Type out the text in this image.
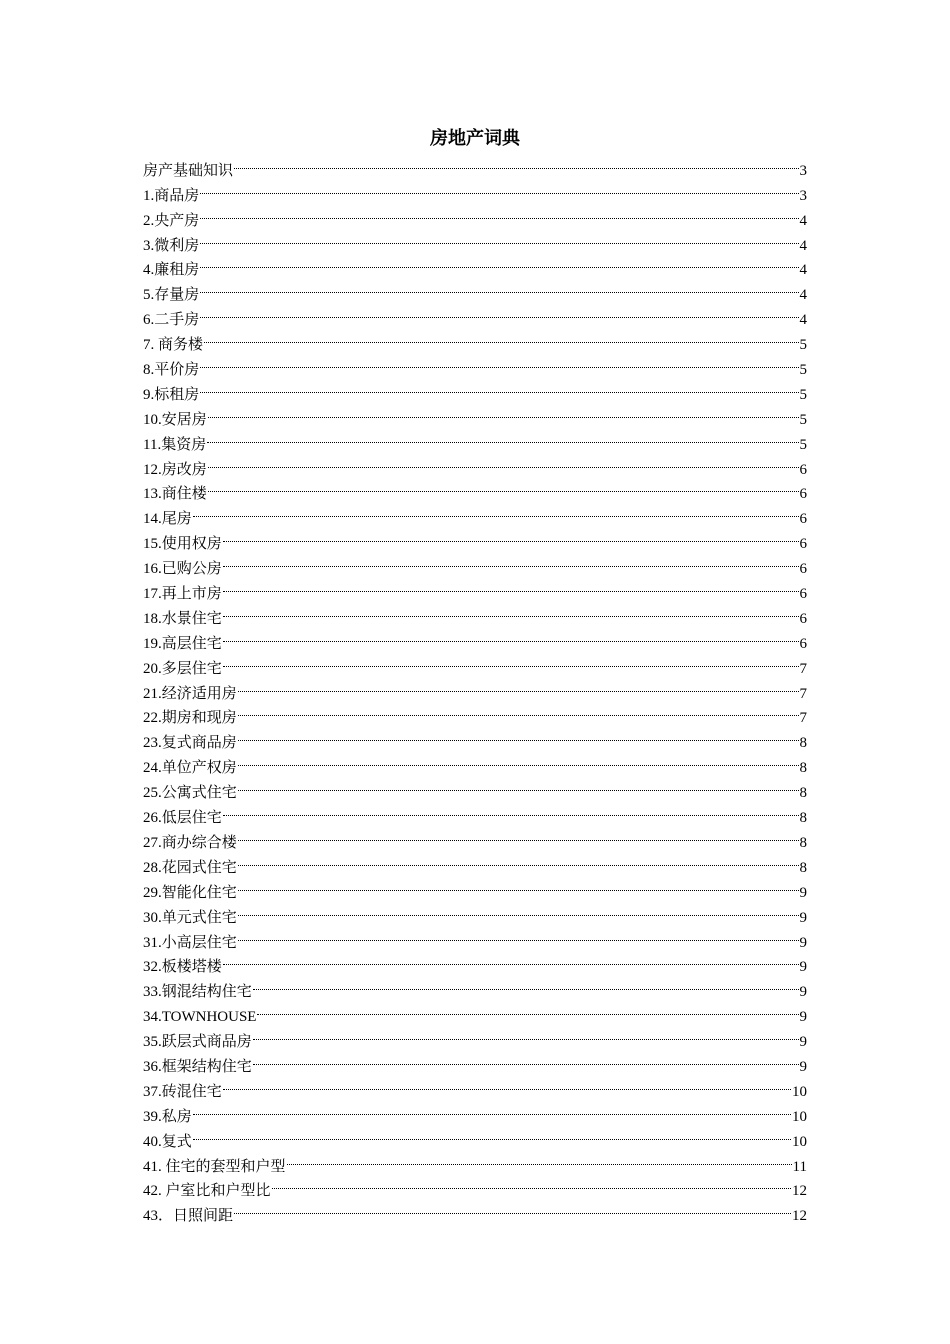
房地产词典
房产基础知识	3
1.商品房	3
2.央产房	4
3.微利房	4
4.廉租房	4
5.存量房	4
6.二手房	4
7. 商务楼	5
8.平价房	5
9.标租房	5
10.安居房	5
11.集资房	5
12.房改房	6
13.商住楼	6
14.尾房	6
15.使用权房	6
16.已购公房	6
17.再上市房	6
18.水景住宅	6
19.高层住宅	6
20.多层住宅	7
21.经济适用房	7
22.期房和现房	7
23.复式商品房	8
24.单位产权房	8
25.公寓式住宅	8
26.低层住宅	8
27.商办综合楼	8
28.花园式住宅	8
29.智能化住宅	9
30.单元式住宅	9
31.小高层住宅	9
32.板楼塔楼	9
33.钢混结构住宅	9
34.TOWNHOUSE	9
35.跃层式商品房	9
36.框架结构住宅	9
37.砖混住宅	10
39.私房	10
40.复式	10
41. 住宅的套型和户型	11
42. 户室比和户型比	12
43．日照间距	12
